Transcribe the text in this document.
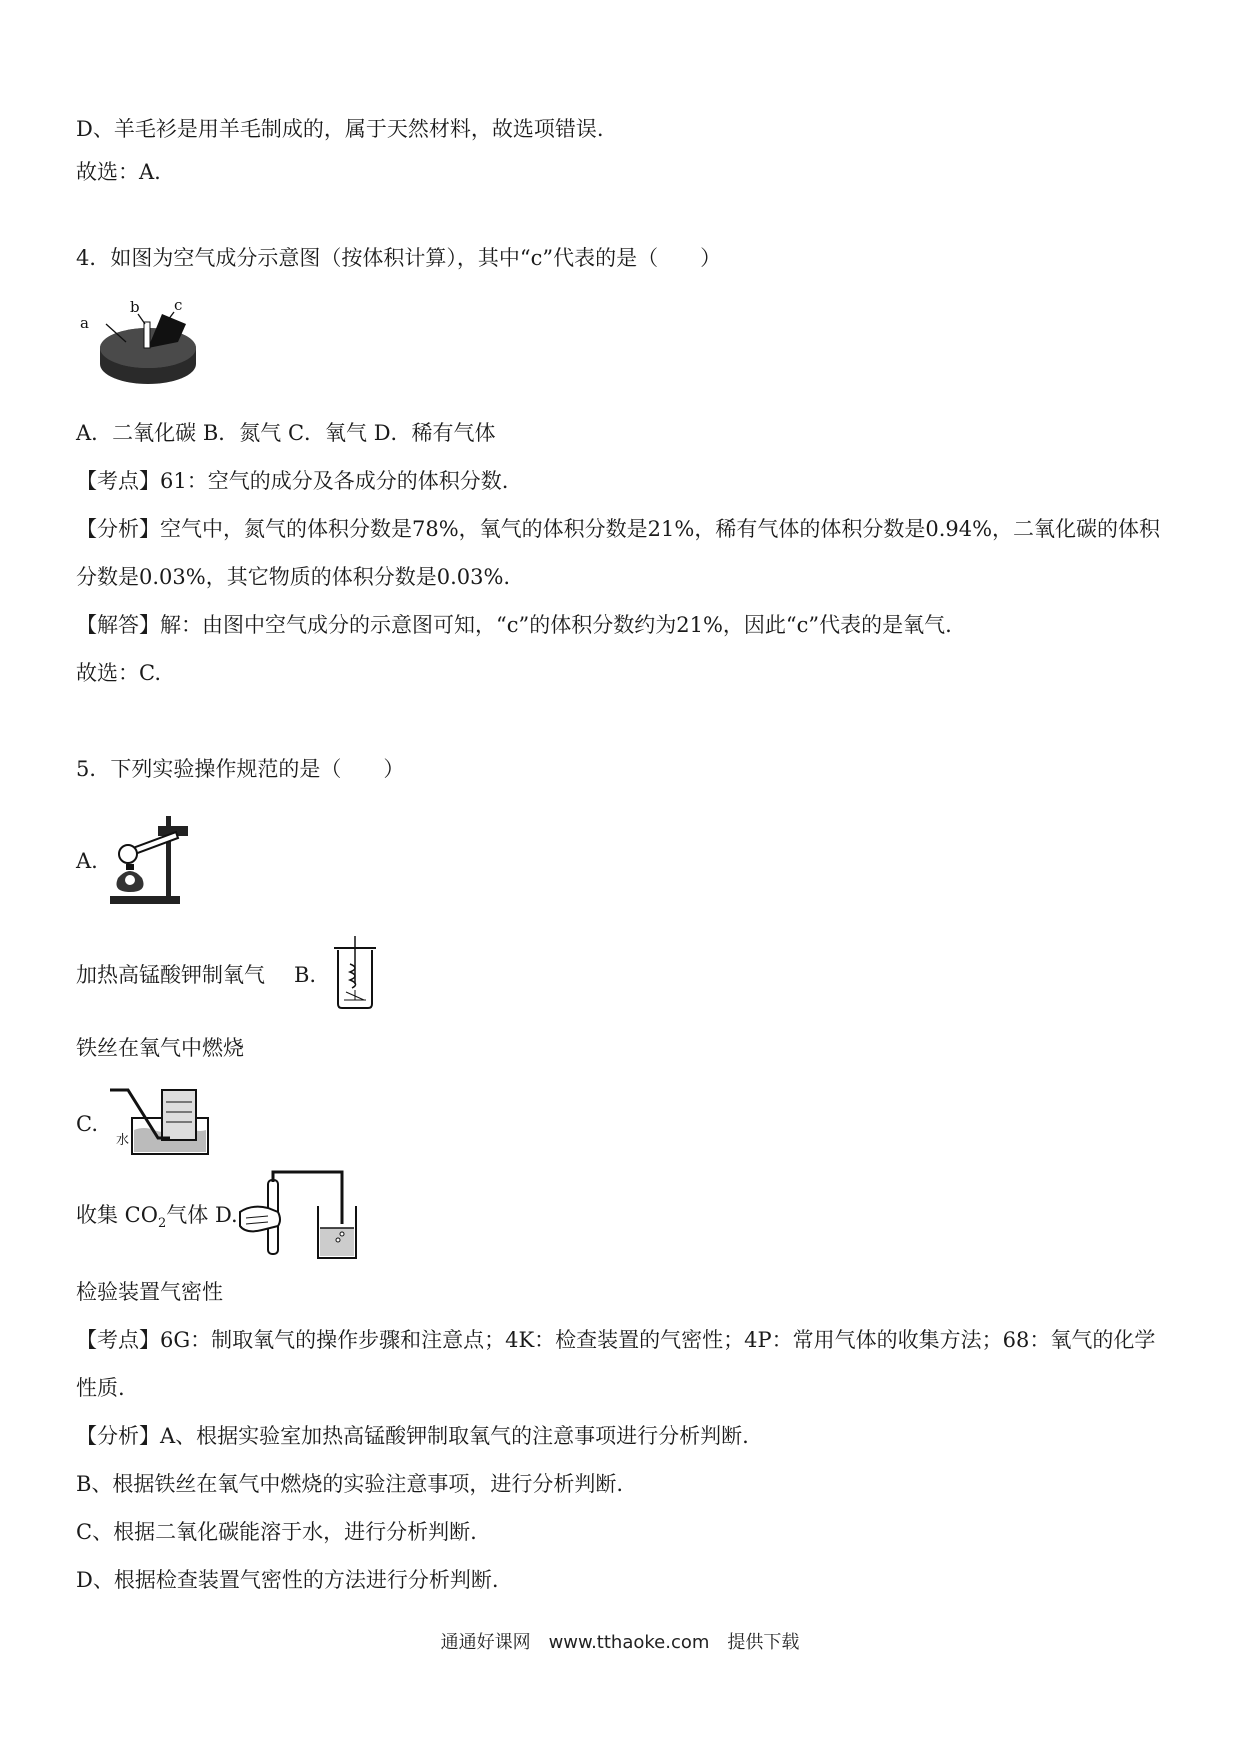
D、羊毛衫是用羊毛制成的，属于天然材料，故选项错误.
故选：A.
4．如图为空气成分示意图（按体积计算），其中“c”代表的是（　　）
a
b c
A．二氧化碳 B．氮气 C．氧气 D．稀有气体
【考点】61：空气的成分及各成分的体积分数.
【分析】空气中，氮气的体积分数是78%，氧气的体积分数是21%，稀有气体的体积分数是0.94%，二氧化碳的体积
分数是0.03%，其它物质的体积分数是0.03%.
【解答】解：由图中空气成分的示意图可知，“c”的体积分数约为21%，因此“c”代表的是氧气.
故选：C.
5．下列实验操作规范的是（　　）
A.
加热高锰酸钾制氧气 B.
铁丝在氧气中燃烧
C.
水
收集 $CO_2$气体 D.
检验装置气密性
【考点】6G：制取氧气的操作步骤和注意点；4K：检查装置的气密性；4P：常用气体的收集方法；68：氧气的化学
性质.
【分析】A、根据实验室加热高锰酸钾制取氧气的注意事项进行分析判断.
B、根据铁丝在氧气中燃烧的实验注意事项，进行分析判断.
C、根据二氧化碳能溶于水，进行分析判断.
D、根据检查装置气密性的方法进行分析判断.
通通好课网　www.tthaoke.com　提供下载
